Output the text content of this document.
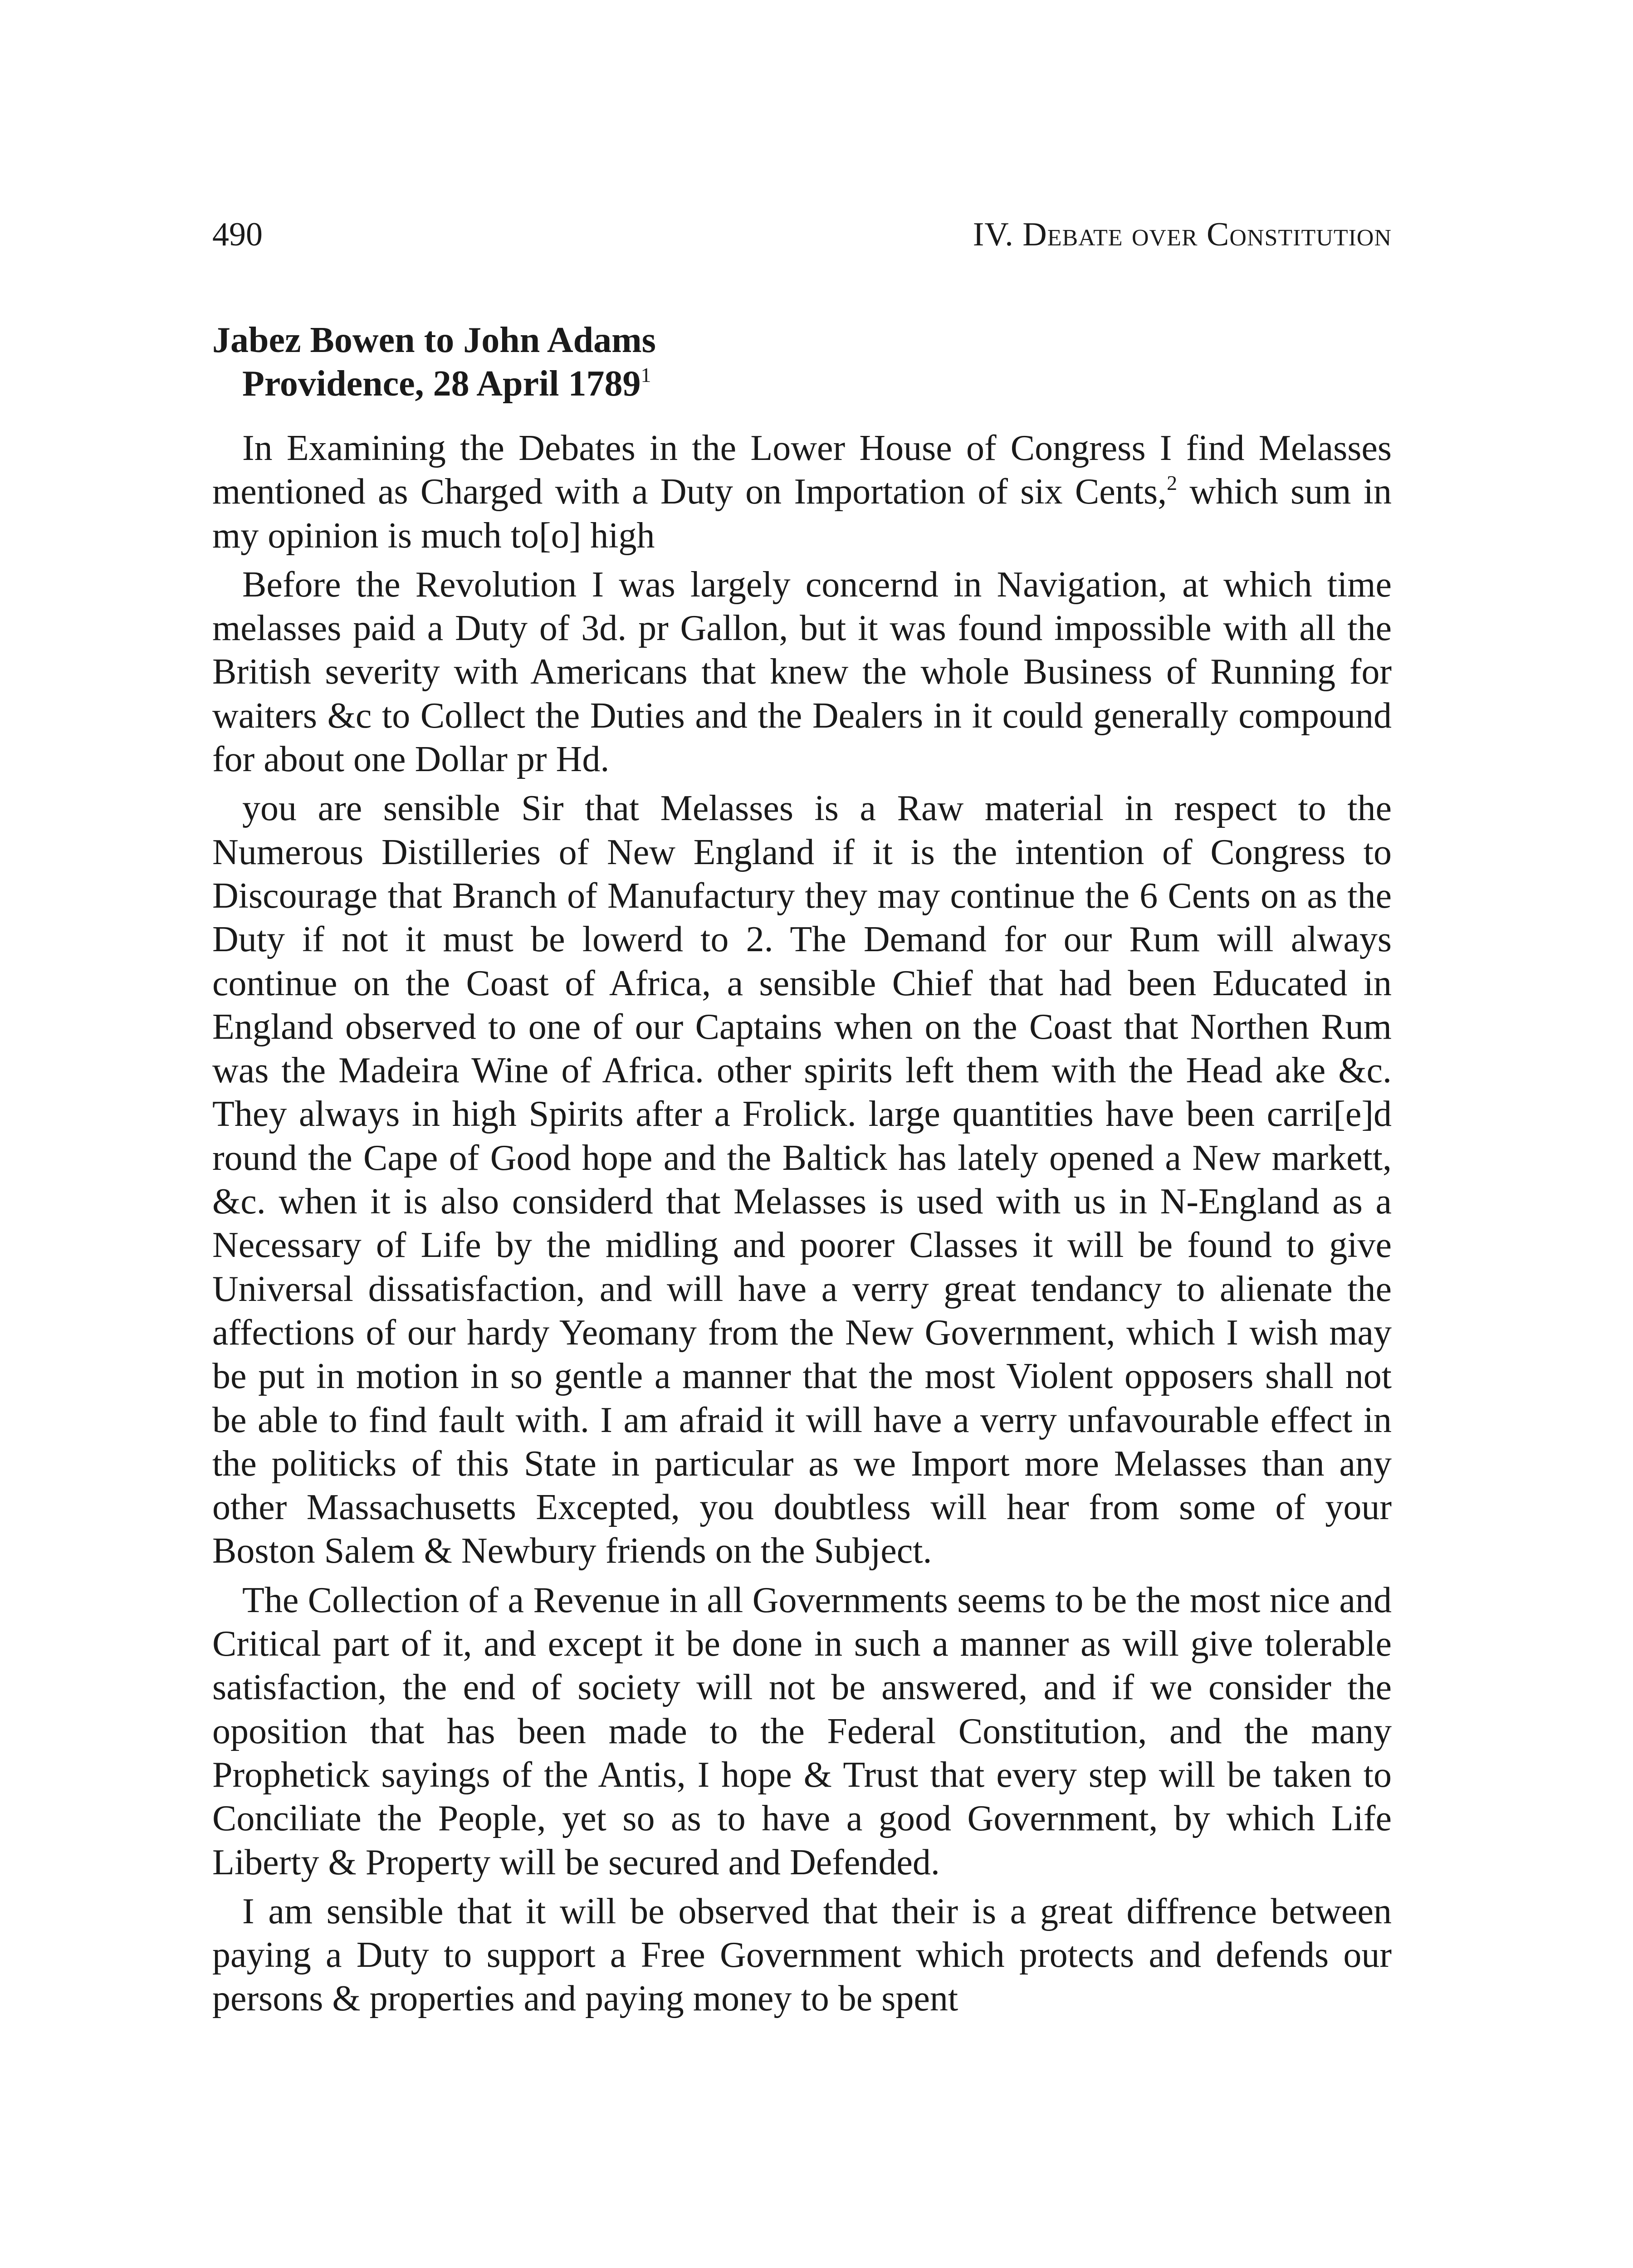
490	IV. Debate over Constitution
Jabez Bowen to John Adams
Providence, 28 April 1789$^1$

In Examining the Debates in the Lower House of Congress I find Melasses mentioned as Charged with a Duty on Importation of six Cents,$^2$ which sum in my opinion is much to[o] high

Before the Revolution I was largely concernd in Navigation, at which time melasses paid a Duty of 3d. pr Gallon, but it was found impossible with all the British severity with Americans that knew the whole Business of Running for waiters &c to Collect the Duties and the Dealers in it could generally compound for about one Dollar pr Hd.

you are sensible Sir that Melasses is a Raw material in respect to the Numerous Distilleries of New England if it is the intention of Congress to Discourage that Branch of Manufactury they may continue the 6 Cents on as the Duty if not it must be lowerd to 2. The Demand for our Rum will always continue on the Coast of Africa, a sensible Chief that had been Educated in England observed to one of our Captains when on the Coast that Northen Rum was the Madeira Wine of Africa. other spirits left them with the Head ake &c. They always in high Spirits after a Frolick. large quantities have been carri[e]d round the Cape of Good hope and the Baltick has lately opened a New markett, &c. when it is also considerd that Melasses is used with us in N-England as a Necessary of Life by the midling and poorer Classes it will be found to give Universal dissatisfaction, and will have a verry great tendancy to alienate the affections of our hardy Yeomany from the New Government, which I wish may be put in motion in so gentle a manner that the most Violent opposers shall not be able to find fault with. I am afraid it will have a verry unfavourable effect in the politicks of this State in particular as we Import more Melasses than any other Massachusetts Excepted, you doubtless will hear from some of your Boston Salem & Newbury friends on the Subject.

The Collection of a Revenue in all Governments seems to be the most nice and Critical part of it, and except it be done in such a manner as will give tolerable satisfaction, the end of society will not be answered, and if we consider the oposition that has been made to the Federal Constitution, and the many Prophetick sayings of the Antis, I hope & Trust that every step will be taken to Conciliate the People, yet so as to have a good Government, by which Life Liberty & Property will be secured and Defended.

I am sensible that it will be observed that their is a great diffrence between paying a Duty to support a Free Government which protects and defends our persons & properties and paying money to be spent
